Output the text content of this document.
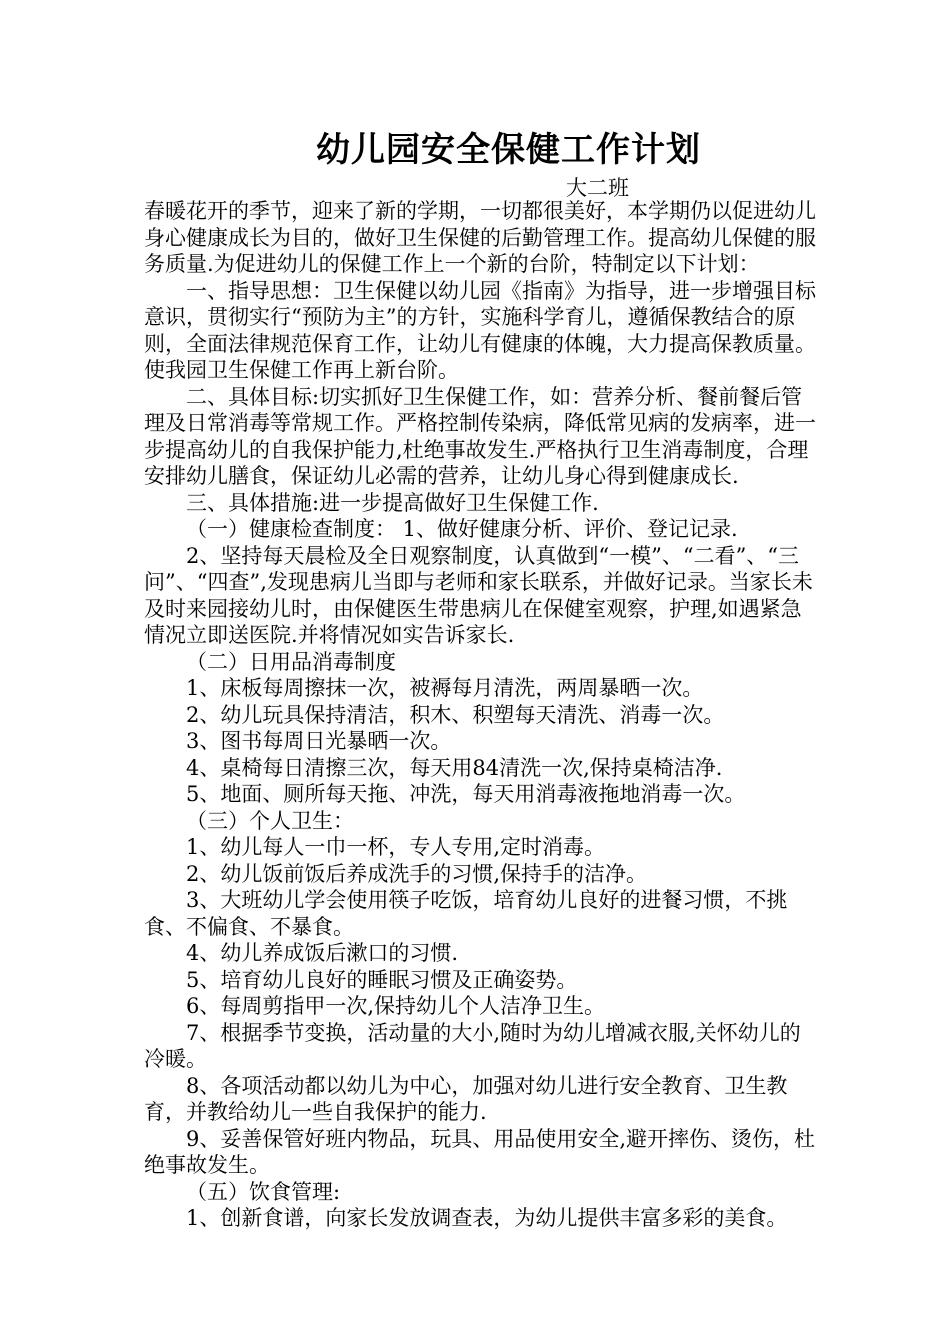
幼儿园安全保健工作计划
大二班

春暖花开的季节，迎来了新的学期，一切都很美好，本学期仍以促进幼儿身心健康成长为目的，做好卫生保健的后勤管理工作。提高幼儿保健的服务质量.为促进幼儿的保健工作上一个新的台阶，特制定以下计划：

一、指导思想：卫生保健以幼儿园《指南》为指导，进一步增强目标意识，贯彻实行“预防为主”的方针，实施科学育儿，遵循保教结合的原则，全面法律规范保育工作，让幼儿有健康的体魄，大力提高保教质量。使我园卫生保健工作再上新台阶。

二、具体目标:切实抓好卫生保健工作，如：营养分析、餐前餐后管理及日常消毒等常规工作。严格控制传染病，降低常见病的发病率，进一步提高幼儿的自我保护能力,杜绝事故发生.严格执行卫生消毒制度，合理安排幼儿膳食，保证幼儿必需的营养，让幼儿身心得到健康成长.

三、具体措施:进一步提高做好卫生保健工作.

（一）健康检查制度： 1、做好健康分析、评价、登记记录.

2、坚持每天晨检及全日观察制度，认真做到“一模”、“二看”、“三问”、“四查”,发现患病儿当即与老师和家长联系，并做好记录。当家长未及时来园接幼儿时，由保健医生带患病儿在保健室观察，护理,如遇紧急情况立即送医院.并将情况如实告诉家长.

（二）日用品消毒制度

1、床板每周擦抹一次，被褥每月清洗，两周暴晒一次。

2、幼儿玩具保持清洁，积木、积塑每天清洗、消毒一次。

3、图书每周日光暴晒一次。

4、桌椅每日清擦三次，每天用84清洗一次,保持桌椅洁净.

5、地面、厕所每天拖、冲洗，每天用消毒液拖地消毒一次。

（三）个人卫生：

1、幼儿每人一巾一杯，专人专用,定时消毒。

2、幼儿饭前饭后养成洗手的习惯,保持手的洁净。

3、大班幼儿学会使用筷子吃饭，培育幼儿良好的进餐习惯，不挑食、不偏食、不暴食。

4、幼儿养成饭后漱口的习惯.

5、培育幼儿良好的睡眠习惯及正确姿势。

6、每周剪指甲一次,保持幼儿个人洁净卫生。

7、根据季节变换，活动量的大小,随时为幼儿增减衣服,关怀幼儿的冷暖。

8、各项活动都以幼儿为中心，加强对幼儿进行安全教育、卫生教育，并教给幼儿一些自我保护的能力.

9、妥善保管好班内物品，玩具、用品使用安全,避开摔伤、烫伤，杜绝事故发生。

（五）饮食管理:

1、创新食谱，向家长发放调查表，为幼儿提供丰富多彩的美食。
